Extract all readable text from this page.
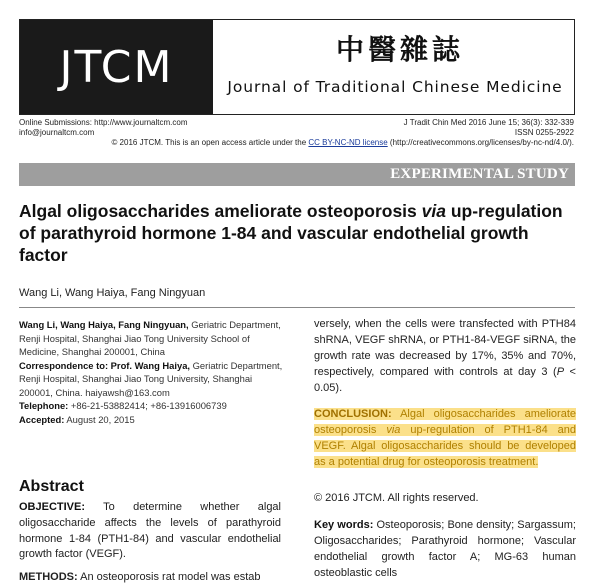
JTCM	中醫雜誌
Journal of Traditional Chinese Medicine
Online Submissions: http://www.journaltcm.com
info@journaltcm.com
J Tradit Chin Med 2016 June 15; 36(3): 332-339
ISSN 0255-2922
© 2016 JTCM. This is an open access article under the CC BY-NC-ND license (http://creativecommons.org/licenses/by-nc-nd/4.0/).
EXPERIMENTAL STUDY
Algal oligosaccharides ameliorate osteoporosis via up-regulation of parathyroid hormone 1-84 and vascular endothelial growth factor
Wang Li, Wang Haiya, Fang Ningyuan
Wang Li, Wang Haiya, Fang Ningyuan, Geriatric Department, Renji Hospital, Shanghai Jiao Tong University School of Medicine, Shanghai 200001, China
Correspondence to: Prof. Wang Haiya, Geriatric Department, Renji Hospital, Shanghai Jiao Tong University, Shanghai 200001, China. haiyawsh@163.com
Telephone: +86-21-53882414; +86-13916006739
Accepted: August 20, 2015
Abstract
OBJECTIVE: To determine whether algal oligosaccharide affects the levels of parathyroid hormone 1-84 (PTH1-84) and vascular endothelial growth factor (VEGF).
METHODS: An osteoporosis rat model was estab
versely, when the cells were transfected with PTH84 shRNA, VEGF shRNA, or PTH1-84-VEGF siRNA, the growth rate was decreased by 17%, 35% and 70%, respectively, compared with controls at day 3 (P < 0.05).
CONCLUSION: Algal oligosaccharides ameliorate osteoporosis via up-regulation of PTH1-84 and VEGF. Algal oligosaccharides should be developed as a potential drug for osteoporosis treatment.
© 2016 JTCM. All rights reserved.
Key words: Osteoporosis; Bone density; Sargassum; Oligosaccharides; Parathyroid hormone; Vascular endothelial growth factor A; MG-63 human osteoblastic cells
